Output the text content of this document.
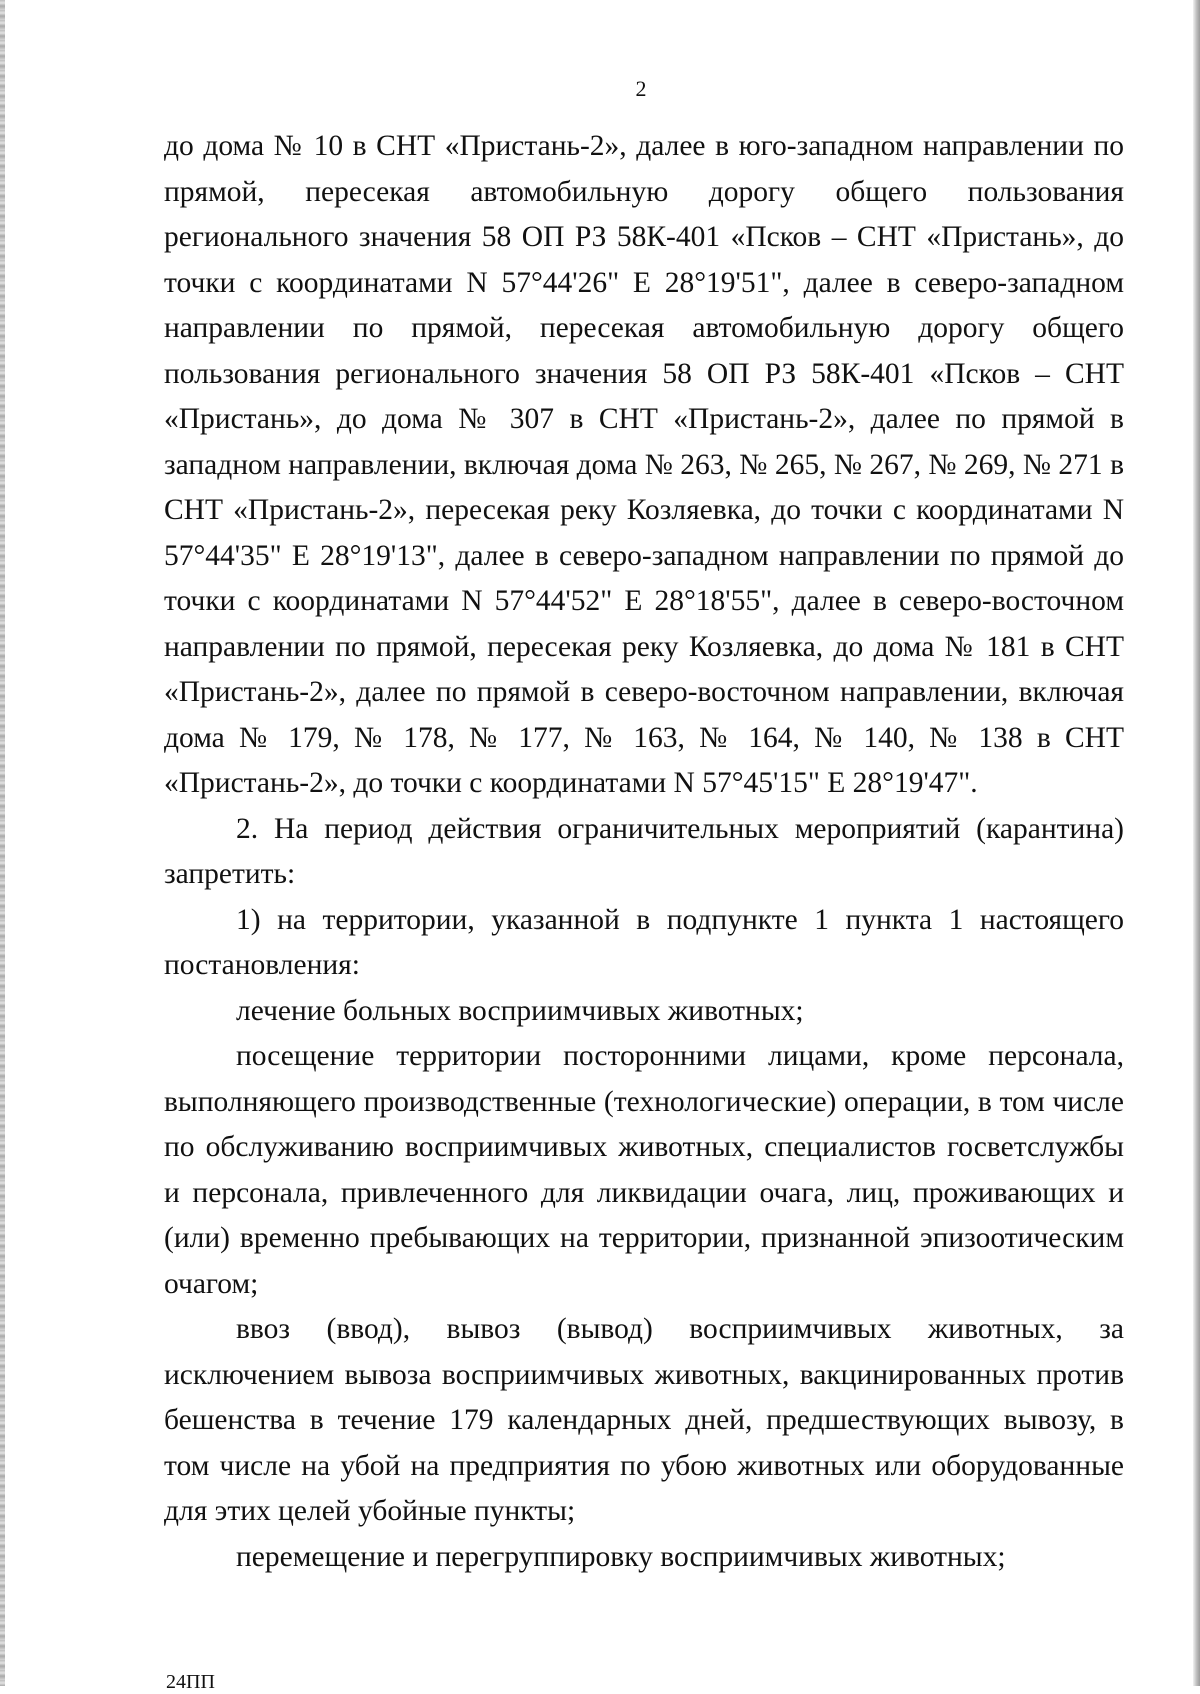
2

до дома № 10 в СНТ «Пристань-2», далее в юго-западном направлении по прямой, пересекая автомобильную дорогу общего пользования регионального значения 58 ОП РЗ 58К-401 «Псков – СНТ «Пристань», до точки с координатами N 57°44'26" E 28°19'51", далее в северо-западном направлении по прямой, пересекая автомобильную дорогу общего пользования регионального значения 58 ОП РЗ 58К-401 «Псков – СНТ «Пристань», до дома № 307 в СНТ «Пристань-2», далее по прямой в западном направлении, включая дома № 263, № 265, № 267, № 269, № 271 в СНТ «Пристань-2», пересекая реку Козляевка, до точки с координатами N 57°44'35" E 28°19'13", далее в северо-западном направлении по прямой до точки с координатами N 57°44'52" E 28°18'55", далее в северо-восточном направлении по прямой, пересекая реку Козляевка, до дома № 181 в СНТ «Пристань-2», далее по прямой в северо-восточном направлении, включая дома № 179, № 178, № 177, № 163, № 164, № 140, № 138 в СНТ «Пристань-2», до точки с координатами N 57°45'15" E 28°19'47".

2. На период действия ограничительных мероприятий (карантина) запретить:

1) на территории, указанной в подпункте 1 пункта 1 настоящего постановления:

лечение больных восприимчивых животных;

посещение территории посторонними лицами, кроме персонала, выполняющего производственные (технологические) операции, в том числе по обслуживанию восприимчивых животных, специалистов госветслужбы и персонала, привлеченного для ликвидации очага, лиц, проживающих и (или) временно пребывающих на территории, признанной эпизоотическим очагом;

ввоз (ввод), вывоз (вывод) восприимчивых животных, за исключением вывоза восприимчивых животных, вакцинированных против бешенства в течение 179 календарных дней, предшествующих вывозу, в том числе на убой на предприятия по убою животных или оборудованные для этих целей убойные пункты;

перемещение и перегруппировку восприимчивых животных;

24ПП
